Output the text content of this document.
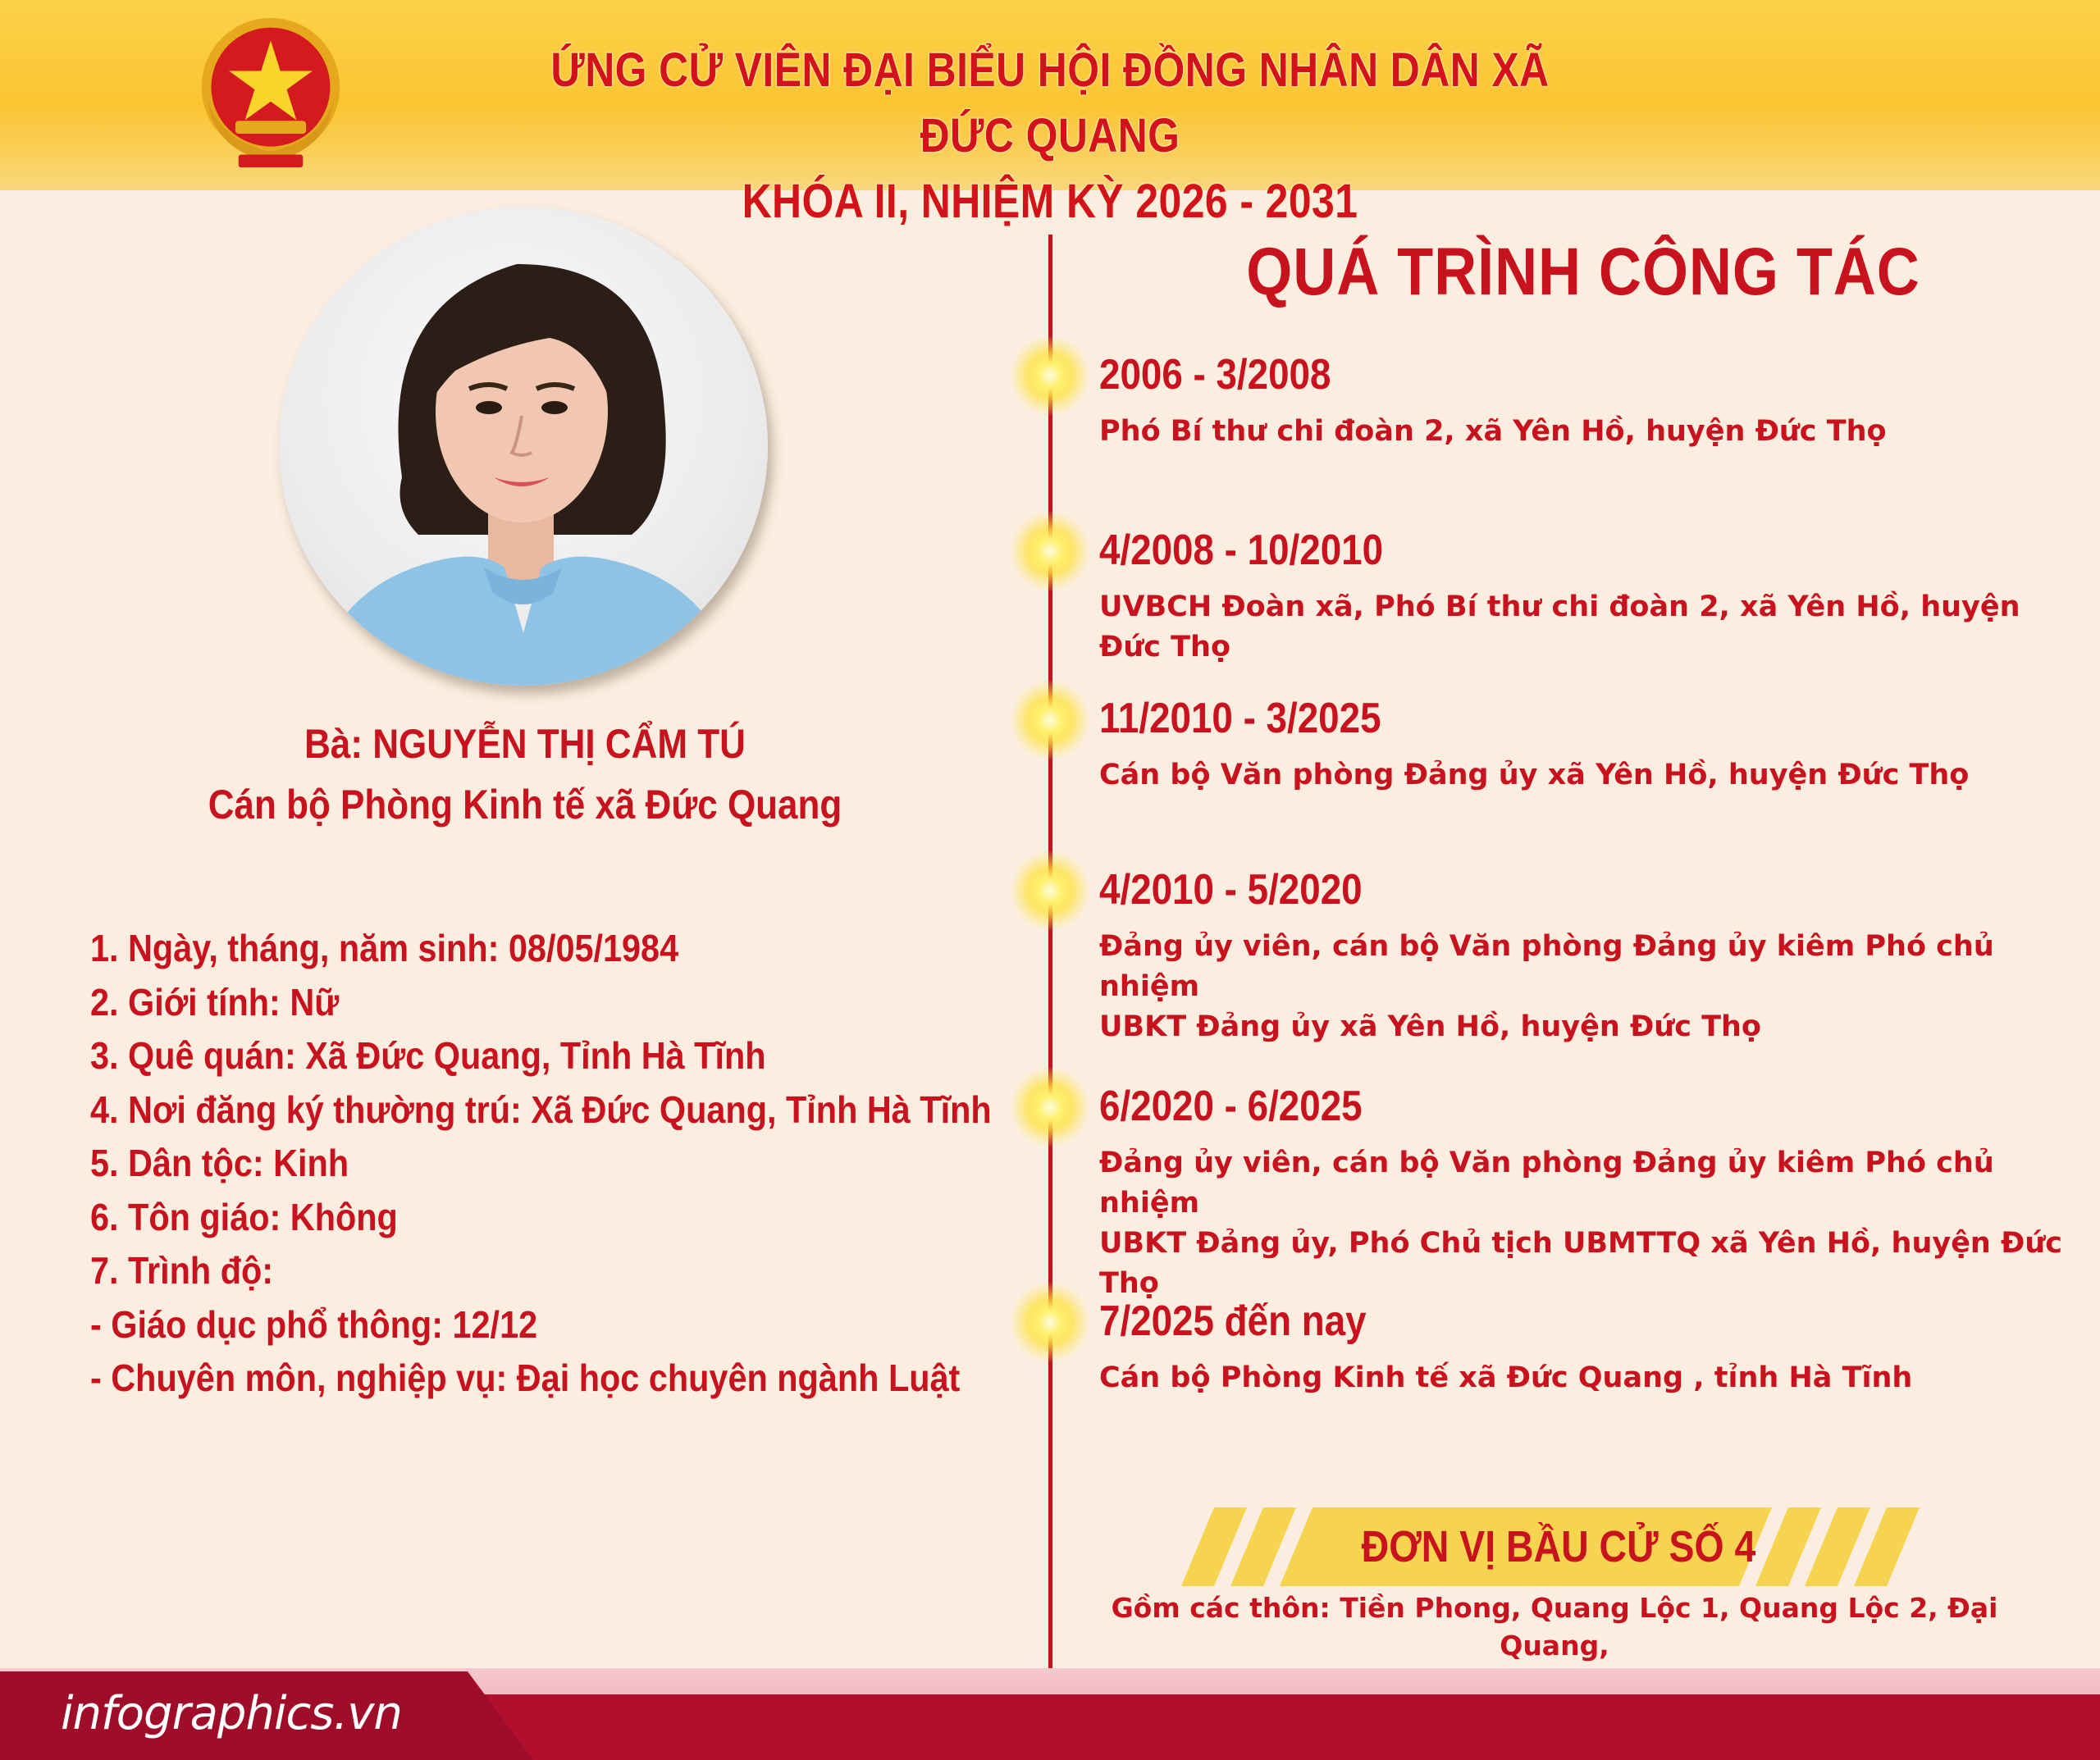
ỨNG CỬ VIÊN ĐẠI BIỂU HỘI ĐỒNG NHÂN DÂN XÃ ĐỨC QUANG
KHÓA II, NHIỆM KỲ 2026 - 2031
Bà: NGUYỄN THỊ CẨM TÚ
Cán bộ Phòng Kinh tế xã Đức Quang
1. Ngày, tháng, năm sinh: 08/05/1984
2. Giới tính: Nữ
3. Quê quán: Xã Đức Quang, Tỉnh Hà Tĩnh
4. Nơi đăng ký thường trú: Xã Đức Quang, Tỉnh Hà Tĩnh
5. Dân tộc: Kinh
6. Tôn giáo: Không
7. Trình độ:
- Giáo dục phổ thông: 12/12
- Chuyên môn, nghiệp vụ: Đại học chuyên ngành Luật
QUÁ TRÌNH CÔNG TÁC
2006 - 3/2008
Phó Bí thư chi đoàn 2, xã Yên Hồ, huyện Đức Thọ
4/2008 - 10/2010
UVBCH Đoàn xã, Phó Bí thư chi đoàn 2, xã Yên Hồ, huyện Đức Thọ
11/2010 - 3/2025
Cán bộ Văn phòng Đảng ủy xã Yên Hồ, huyện Đức Thọ
4/2010 - 5/2020
Đảng ủy viên, cán bộ Văn phòng Đảng ủy kiêm Phó chủ nhiệm
UBKT Đảng ủy xã Yên Hồ, huyện Đức Thọ
6/2020 - 6/2025
Đảng ủy viên, cán bộ Văn phòng Đảng ủy kiêm Phó chủ nhiệm
UBKT Đảng ủy, Phó Chủ tịch UBMTTQ xã Yên Hồ, huyện Đức Thọ
7/2025 đến nay
Cán bộ Phòng Kinh tế xã Đức Quang , tỉnh Hà Tĩnh
ĐƠN VỊ BẦU CỬ SỐ 4
Gồm các thôn: Tiền Phong, Quang Lộc 1, Quang Lộc 2, Đại Quang,

infographics.vn
